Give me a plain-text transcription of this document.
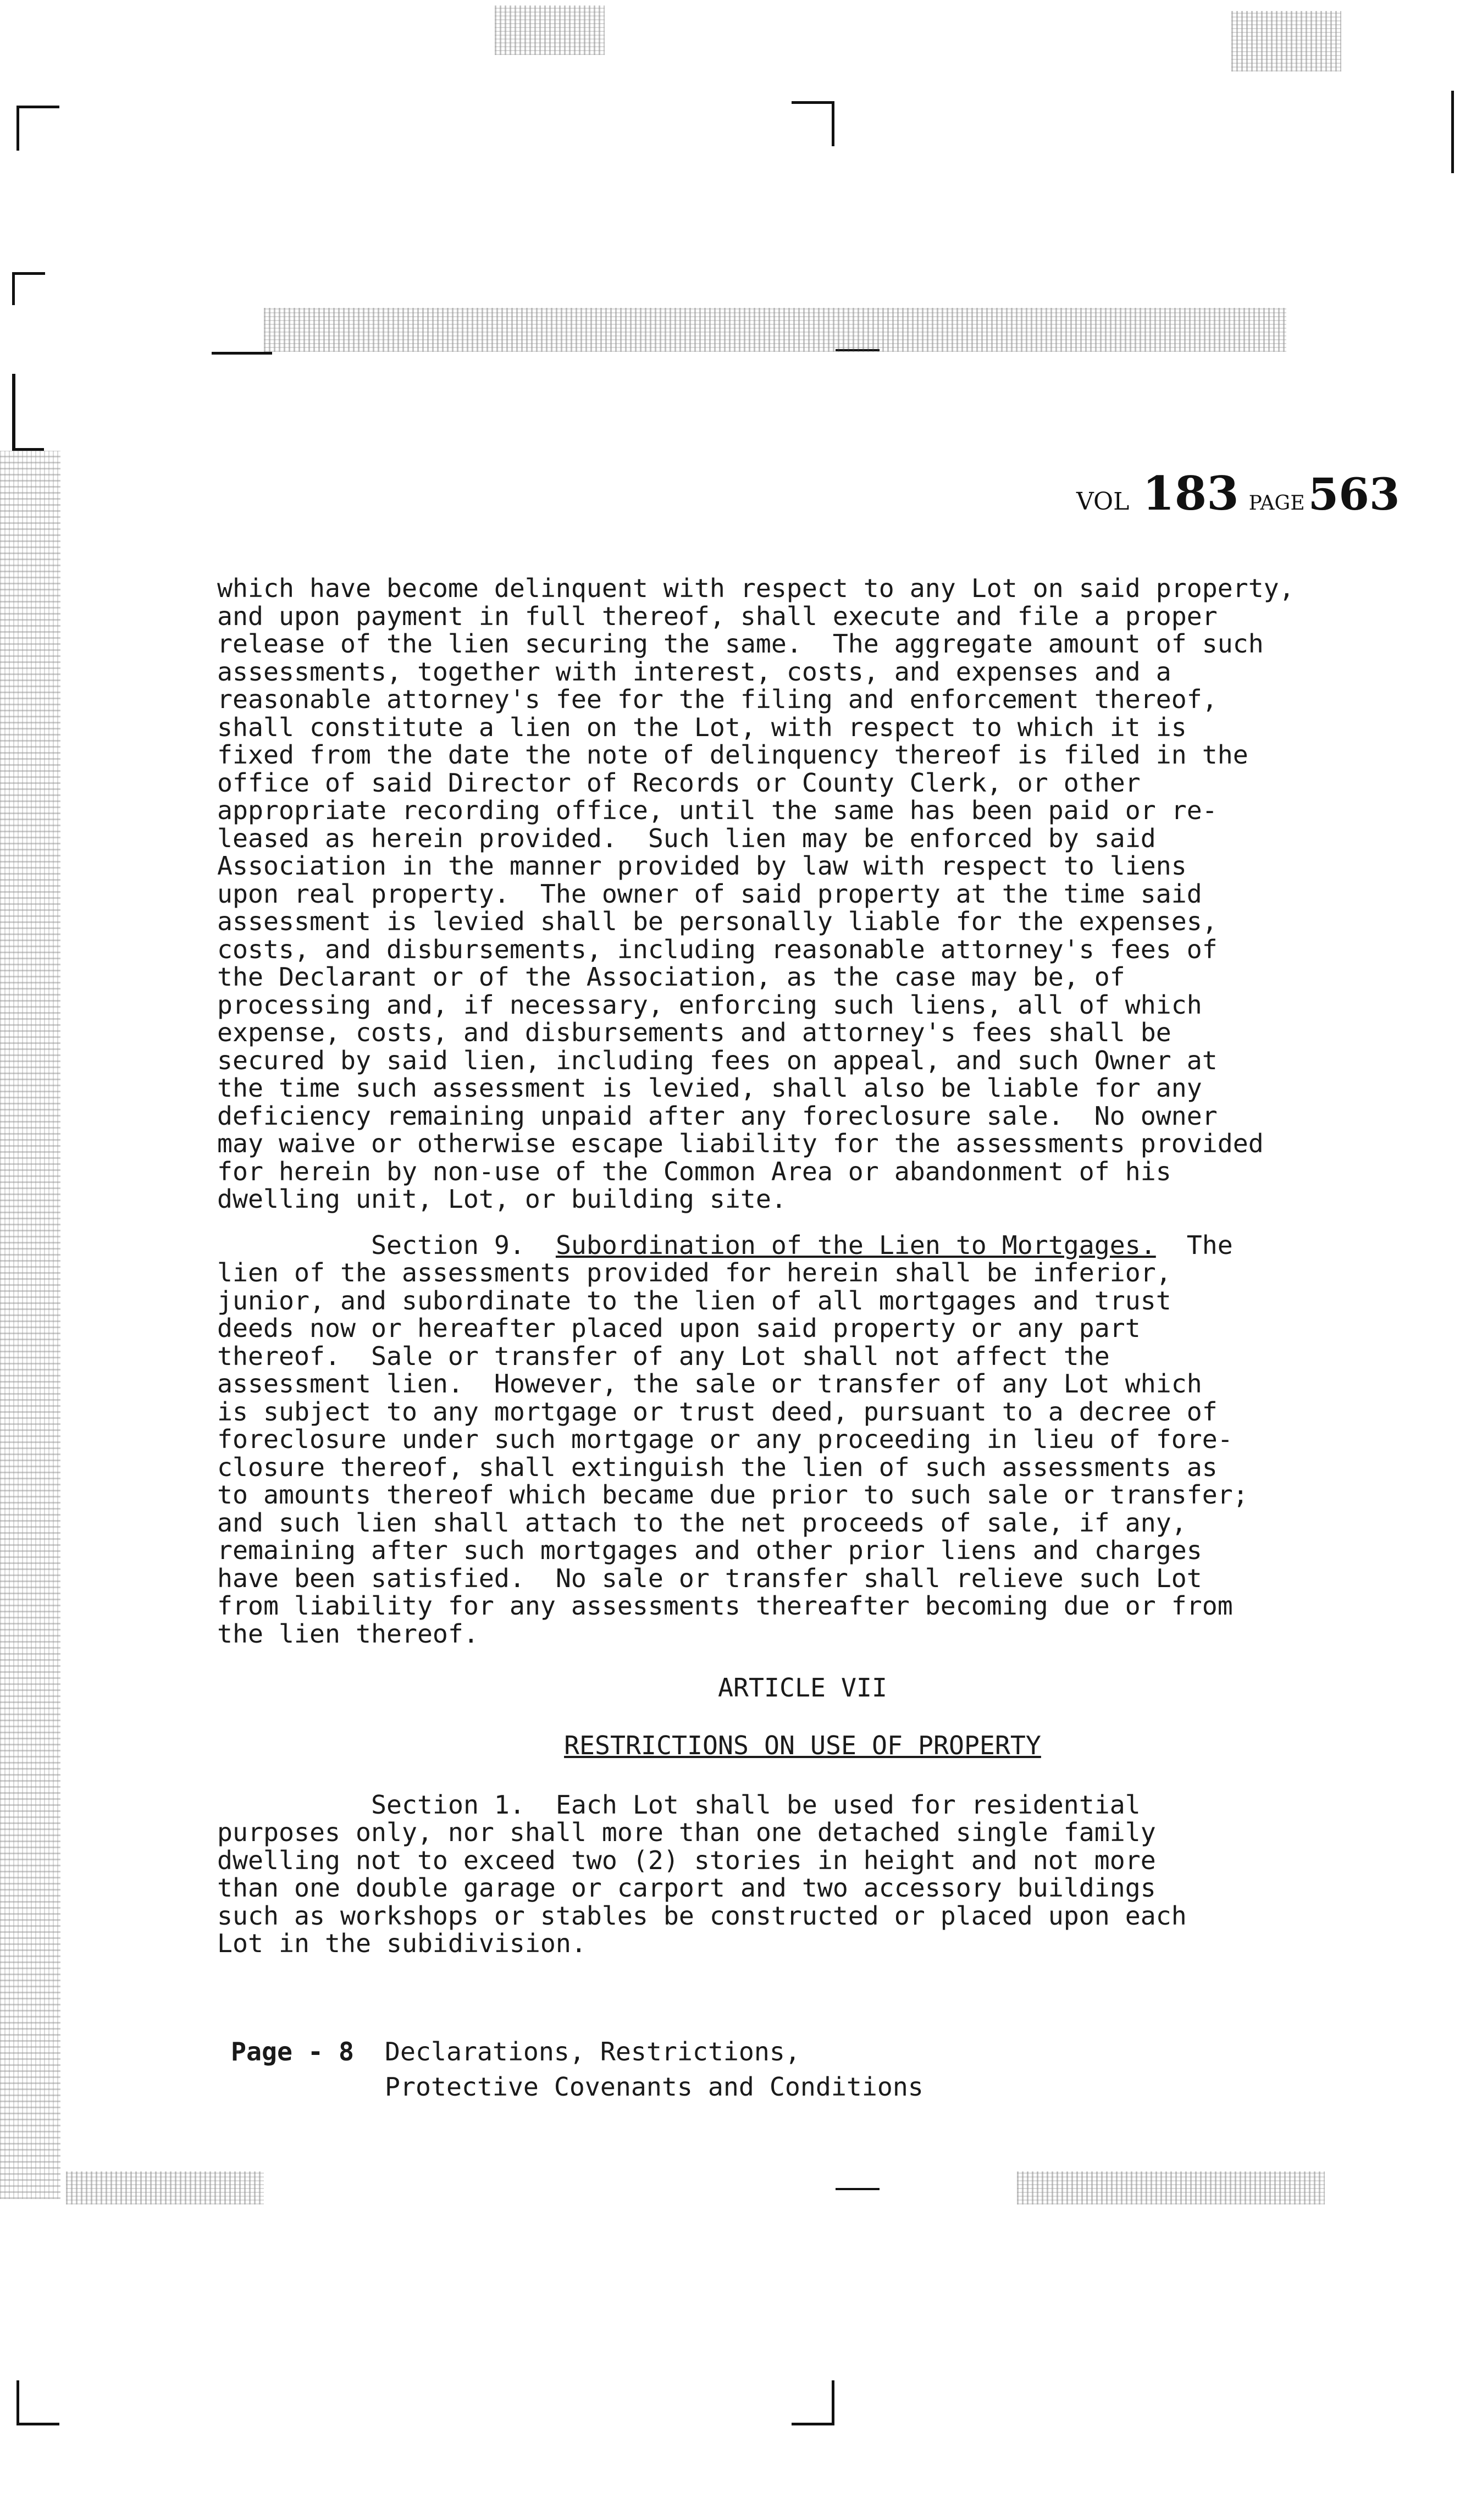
VOL 183 PAGE563
which have become delinquent with respect to any Lot on said property,
and upon payment in full thereof, shall execute and file a proper
release of the lien securing the same.  The aggregate amount of such
assessments, together with interest, costs, and expenses and a
reasonable attorney's fee for the filing and enforcement thereof,
shall constitute a lien on the Lot, with respect to which it is
fixed from the date the note of delinquency thereof is filed in the
office of said Director of Records or County Clerk, or other
appropriate recording office, until the same has been paid or re-
leased as herein provided.  Such lien may be enforced by said
Association in the manner provided by law with respect to liens
upon real property.  The owner of said property at the time said
assessment is levied shall be personally liable for the expenses,
costs, and disbursements, including reasonable attorney's fees of
the Declarant or of the Association, as the case may be, of
processing and, if necessary, enforcing such liens, all of which
expense, costs, and disbursements and attorney's fees shall be
secured by said lien, including fees on appeal, and such Owner at
the time such assessment is levied, shall also be liable for any
deficiency remaining unpaid after any foreclosure sale.  No owner
may waive or otherwise escape liability for the assessments provided
for herein by non-use of the Common Area or abandonment of his
dwelling unit, Lot, or building site.
Section 9. Subordination of the Lien to Mortgages. The
lien of the assessments provided for herein shall be inferior,
junior, and subordinate to the lien of all mortgages and trust
deeds now or hereafter placed upon said property or any part
thereof.  Sale or transfer of any Lot shall not affect the
assessment lien.  However, the sale or transfer of any Lot which
is subject to any mortgage or trust deed, pursuant to a decree of
foreclosure under such mortgage or any proceeding in lieu of fore-
closure thereof, shall extinguish the lien of such assessments as
to amounts thereof which became due prior to such sale or transfer;
and such lien shall attach to the net proceeds of sale, if any,
remaining after such mortgages and other prior liens and charges
have been satisfied.  No sale or transfer shall relieve such Lot
from liability for any assessments thereafter becoming due or from
the lien thereof.
ARTICLE VII
RESTRICTIONS ON USE OF PROPERTY
Section 1. Each Lot shall be used for residential
purposes only, nor shall more than one detached single family
dwelling not to exceed two (2) stories in height and not more
than one double garage or carport and two accessory buildings
such as workshops or stables be constructed or placed upon each
Lot in the subidivision.
Page - 8 Declarations, Restrictions,
Protective Covenants and Conditions
